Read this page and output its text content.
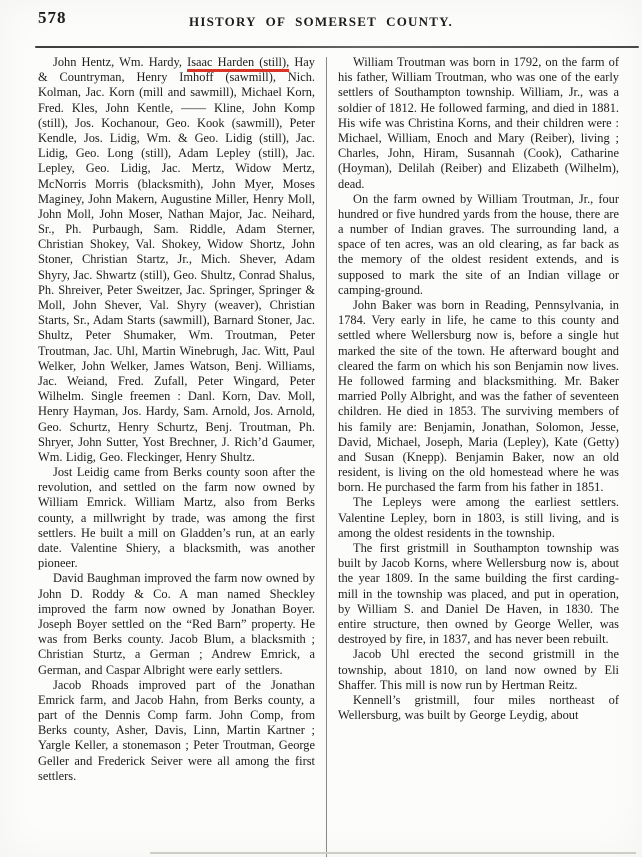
578	HISTORY OF SOMERSET COUNTY.

John Hentz, Wm. Hardy, Isaac Harden (still), Hay & Countryman, Henry Imhoff (sawmill), Nich. Kolman, Jac. Korn (mill and sawmill), Michael Korn, Fred. Kles, John Kentle, —— Kline, John Komp (still), Jos. Kochanour, Geo. Kook (sawmill), Peter Kendle, Jos. Lidig, Wm. & Geo. Lidig (still), Jac. Lidig, Geo. Long (still), Adam Lepley (still), Jac. Lepley, Geo. Lidig, Jac. Mertz, Widow Mertz, McNorris Morris (blacksmith), John Myer, Moses Maginey, John Makern, Augustine Miller, Henry Moll, John Moll, John Moser, Nathan Major, Jac. Neihard, Sr., Ph. Purbaugh, Sam. Riddle, Adam Sterner, Christian Shokey, Val. Shokey, Widow Shortz, John Stoner, Christian Startz, Jr., Mich. Shever, Adam Shyry, Jac. Shwartz (still), Geo. Shultz, Conrad Shalus, Ph. Shreiver, Peter Sweitzer, Jac. Springer, Springer & Moll, John Shever, Val. Shyry (weaver), Christian Starts, Sr., Adam Starts (sawmill), Barnard Stoner, Jac. Shultz, Peter Shumaker, Wm. Troutman, Peter Troutman, Jac. Uhl, Martin Winebrugh, Jac. Witt, Paul Welker, John Welker, James Watson, Benj. Williams, Jac. Weiand, Fred. Zufall, Peter Wingard, Peter Wilhelm. Single freemen : Danl. Korn, Dav. Moll, Henry Hayman, Jos. Hardy, Sam. Arnold, Jos. Arnold, Geo. Schurtz, Henry Schurtz, Benj. Troutman, Ph. Shryer, John Sutter, Yost Brechner, J. Rich’d Gaumer, Wm. Lidig, Geo. Fleckinger, Henry Shultz.

Jost Leidig came from Berks county soon after the revolution, and settled on the farm now owned by William Emrick. William Martz, also from Berks county, a millwright by trade, was among the first settlers. He built a mill on Gladden’s run, at an early date. Valentine Shiery, a blacksmith, was another pioneer.

David Baughman improved the farm now owned by John D. Roddy & Co. A man named Sheckley improved the farm now owned by Jonathan Boyer. Joseph Boyer settled on the “Red Barn” property. He was from Berks county. Jacob Blum, a blacksmith ; Christian Sturtz, a German ; Andrew Emrick, a German, and Caspar Albright were early settlers.

Jacob Rhoads improved part of the Jonathan Emrick farm, and Jacob Hahn, from Berks county, a part of the Dennis Comp farm. John Comp, from Berks county, Asher, Davis, Linn, Martin Kartner ; Yargle Keller, a stonemason ; Peter Troutman, George Geller and Frederick Seiver were all among the first settlers.

William Troutman was born in 1792, on the farm of his father, William Troutman, who was one of the early settlers of Southampton township. William, Jr., was a soldier of 1812. He followed farming, and died in 1881. His wife was Christina Korns, and their children were : Michael, William, Enoch and Mary (Reiber), living ; Charles, John, Hiram, Susannah (Cook), Catharine (Hoyman), Delilah (Reiber) and Elizabeth (Wilhelm), dead.

On the farm owned by William Troutman, Jr., four hundred or five hundred yards from the house, there are a number of Indian graves. The surrounding land, a space of ten acres, was an old clearing, as far back as the memory of the oldest resident extends, and is supposed to mark the site of an Indian village or camping-ground.

John Baker was born in Reading, Pennsylvania, in 1784. Very early in life, he came to this county and settled where Wellersburg now is, before a single hut marked the site of the town. He afterward bought and cleared the farm on which his son Benjamin now lives. He followed farming and blacksmithing. Mr. Baker married Polly Albright, and was the father of seventeen children. He died in 1853. The surviving members of his family are: Benjamin, Jonathan, Solomon, Jesse, David, Michael, Joseph, Maria (Lepley), Kate (Getty) and Susan (Knepp). Benjamin Baker, now an old resident, is living on the old homestead where he was born. He purchased the farm from his father in 1851.

The Lepleys were among the earliest settlers. Valentine Lepley, born in 1803, is still living, and is among the oldest residents in the township.

The first gristmill in Southampton township was built by Jacob Korns, where Wellersburg now is, about the year 1809. In the same building the first carding-mill in the township was placed, and put in operation, by William S. and Daniel De Haven, in 1830. The entire structure, then owned by George Weller, was destroyed by fire, in 1837, and has never been rebuilt.

Jacob Uhl erected the second gristmill in the township, about 1810, on land now owned by Eli Shaffer. This mill is now run by Hertman Reitz.

Kennell’s gristmill, four miles northeast of Wellersburg, was built by George Leydig, about
